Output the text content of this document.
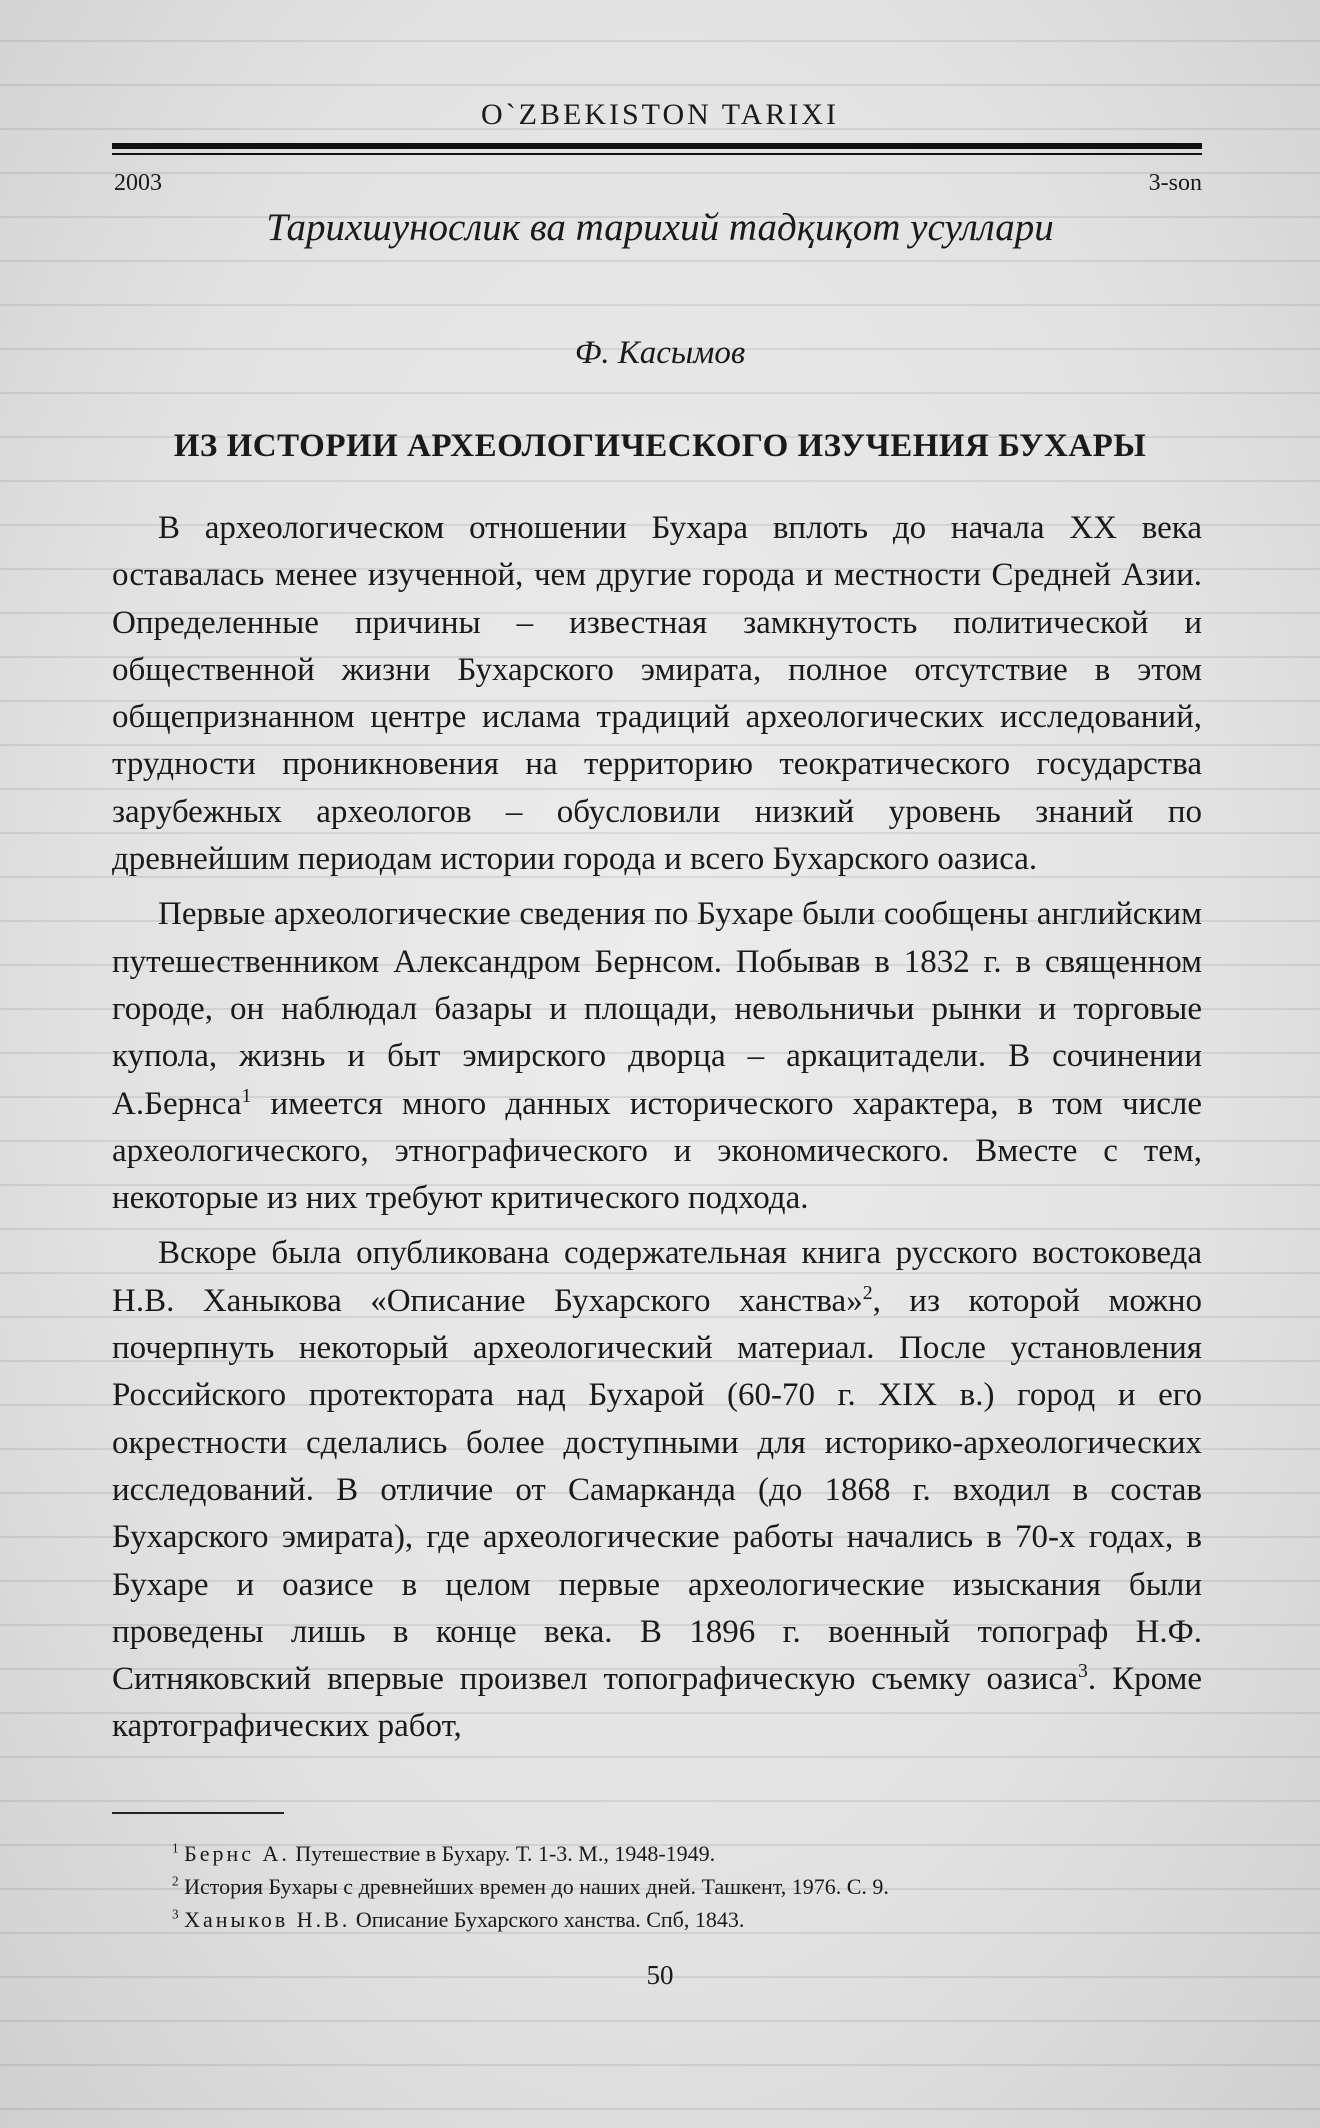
O`ZBEKISTON TARIXI
2003	3-son
Тарихшунослик ва тарихий тадқиқот усуллари
Ф. Касымов
ИЗ ИСТОРИИ АРХЕОЛОГИЧЕСКОГО ИЗУЧЕНИЯ БУХАРЫ

В археологическом отношении Бухара вплоть до начала XX века оставалась менее изученной, чем другие города и местности Средней Азии. Определенные причины – известная замкнутость политической и общественной жизни Бухарского эмирата, полное отсутствие в этом общепризнанном центре ислама традиций археологических исследований, трудности проникновения на территорию теократического государства зарубежных археологов – обусловили низкий уровень знаний по древнейшим периодам истории города и всего Бухарского оазиса.

Первые археологические сведения по Бухаре были сообщены английским путешественником Александром Бернсом. Побывав в 1832 г. в священном городе, он наблюдал базары и площади, невольничьи рынки и торговые купола, жизнь и быт эмирского дворца – аркацитадели. В сочинении А.Бернса$^1$ имеется много данных исторического характера, в том числе археологического, этнографического и экономического. Вместе с тем, некоторые из них требуют критического подхода.

Вскоре была опубликована содержательная книга русского востоковеда Н.В. Ханыкова «Описание Бухарского ханства»$^2$, из которой можно почерпнуть некоторый археологический материал. После установления Российского протектората над Бухарой (60-70 г. XIX в.) город и его окрестности сделались более доступными для историко-археологических исследований. В отличие от Самарканда (до 1868 г. входил в состав Бухарского эмирата), где археологические работы начались в 70-х годах, в Бухаре и оазисе в целом первые археологические изыскания были проведены лишь в конце века. В 1896 г. военный топограф Н.Ф. Ситняковский впервые произвел топографическую съемку оазиса$^3$. Кроме картографических работ,

$^1$ Бернс А. Путешествие в Бухару. Т. 1-3. М., 1948-1949.
$^2$ История Бухары с древнейших времен до наших дней. Ташкент, 1976. С. 9.
$^3$ Ханыков Н.В. Описание Бухарского ханства. Спб, 1843.
50
